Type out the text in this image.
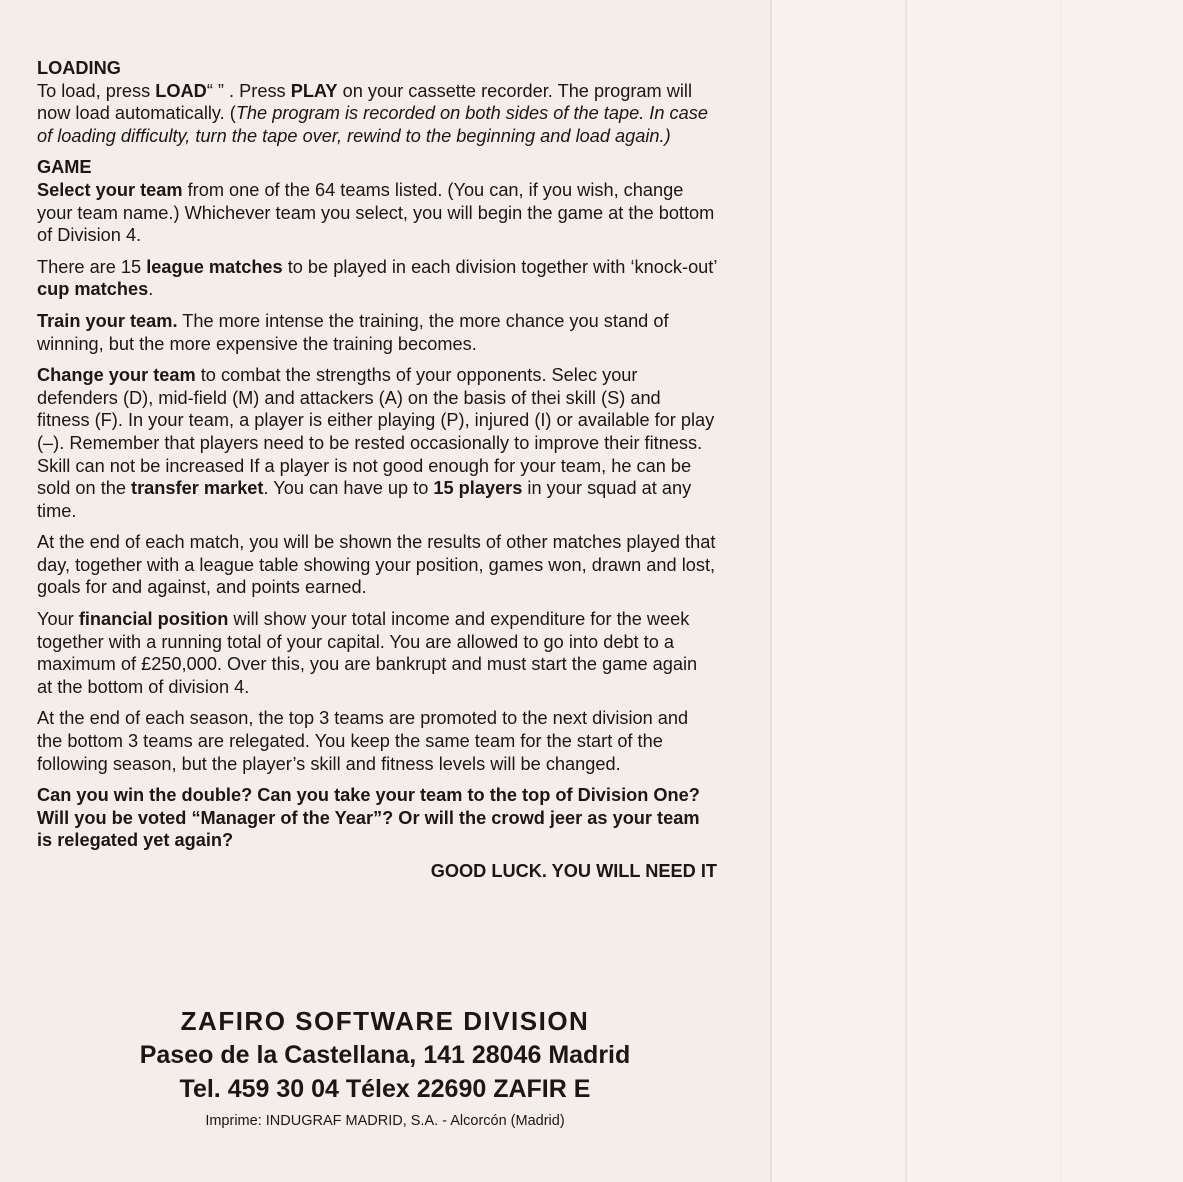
LOADING

To load, press LOAD“ ” . Press PLAY on your cassette recorder. The program will now load automatically. (The program is recorded on both sides of the tape. In case of loading difficulty, turn the tape over, rewind to the beginning and load again.)

GAME

Select your team from one of the 64 teams listed. (You can, if you wish, change your team name.) Whichever team you select, you will begin the game at the bottom of Division 4.

There are 15 league matches to be played in each division together with ‘knock-out’ cup matches.

Train your team. The more intense the training, the more chance you stand of winning, but the more expensive the training becomes.

Change your team to combat the strengths of your opponents. Selec your defenders (D), mid-field (M) and attackers (A) on the basis of thei skill (S) and fitness (F). In your team, a player is either playing (P), injured (I) or available for play (–). Remember that players need to be rested occasionally to improve their fitness. Skill can not be increased If a player is not good enough for your team, he can be sold on the transfer market. You can have up to 15 players in your squad at any time.

At the end of each match, you will be shown the results of other matches played that day, together with a league table showing your position, games won, drawn and lost, goals for and against, and points earned.

Your financial position will show your total income and expenditure for the week together with a running total of your capital. You are allowed to go into debt to a maximum of £250,000. Over this, you are bankrupt and must start the game again at the bottom of division 4.

At the end of each season, the top 3 teams are promoted to the next division and the bottom 3 teams are relegated. You keep the same team for the start of the following season, but the player’s skill and fitness levels will be changed.

Can you win the double? Can you take your team to the top of Division One? Will you be voted “Manager of the Year”? Or will the crowd jeer as your team is relegated yet again?

GOOD LUCK. YOU WILL NEED IT

ZAFIRO SOFTWARE DIVISION
Paseo de la Castellana, 141 28046 Madrid
Tel. 459 30 04 Télex 22690 ZAFIR E
Imprime: INDUGRAF MADRID, S.A. - Alcorcón (Madrid)
